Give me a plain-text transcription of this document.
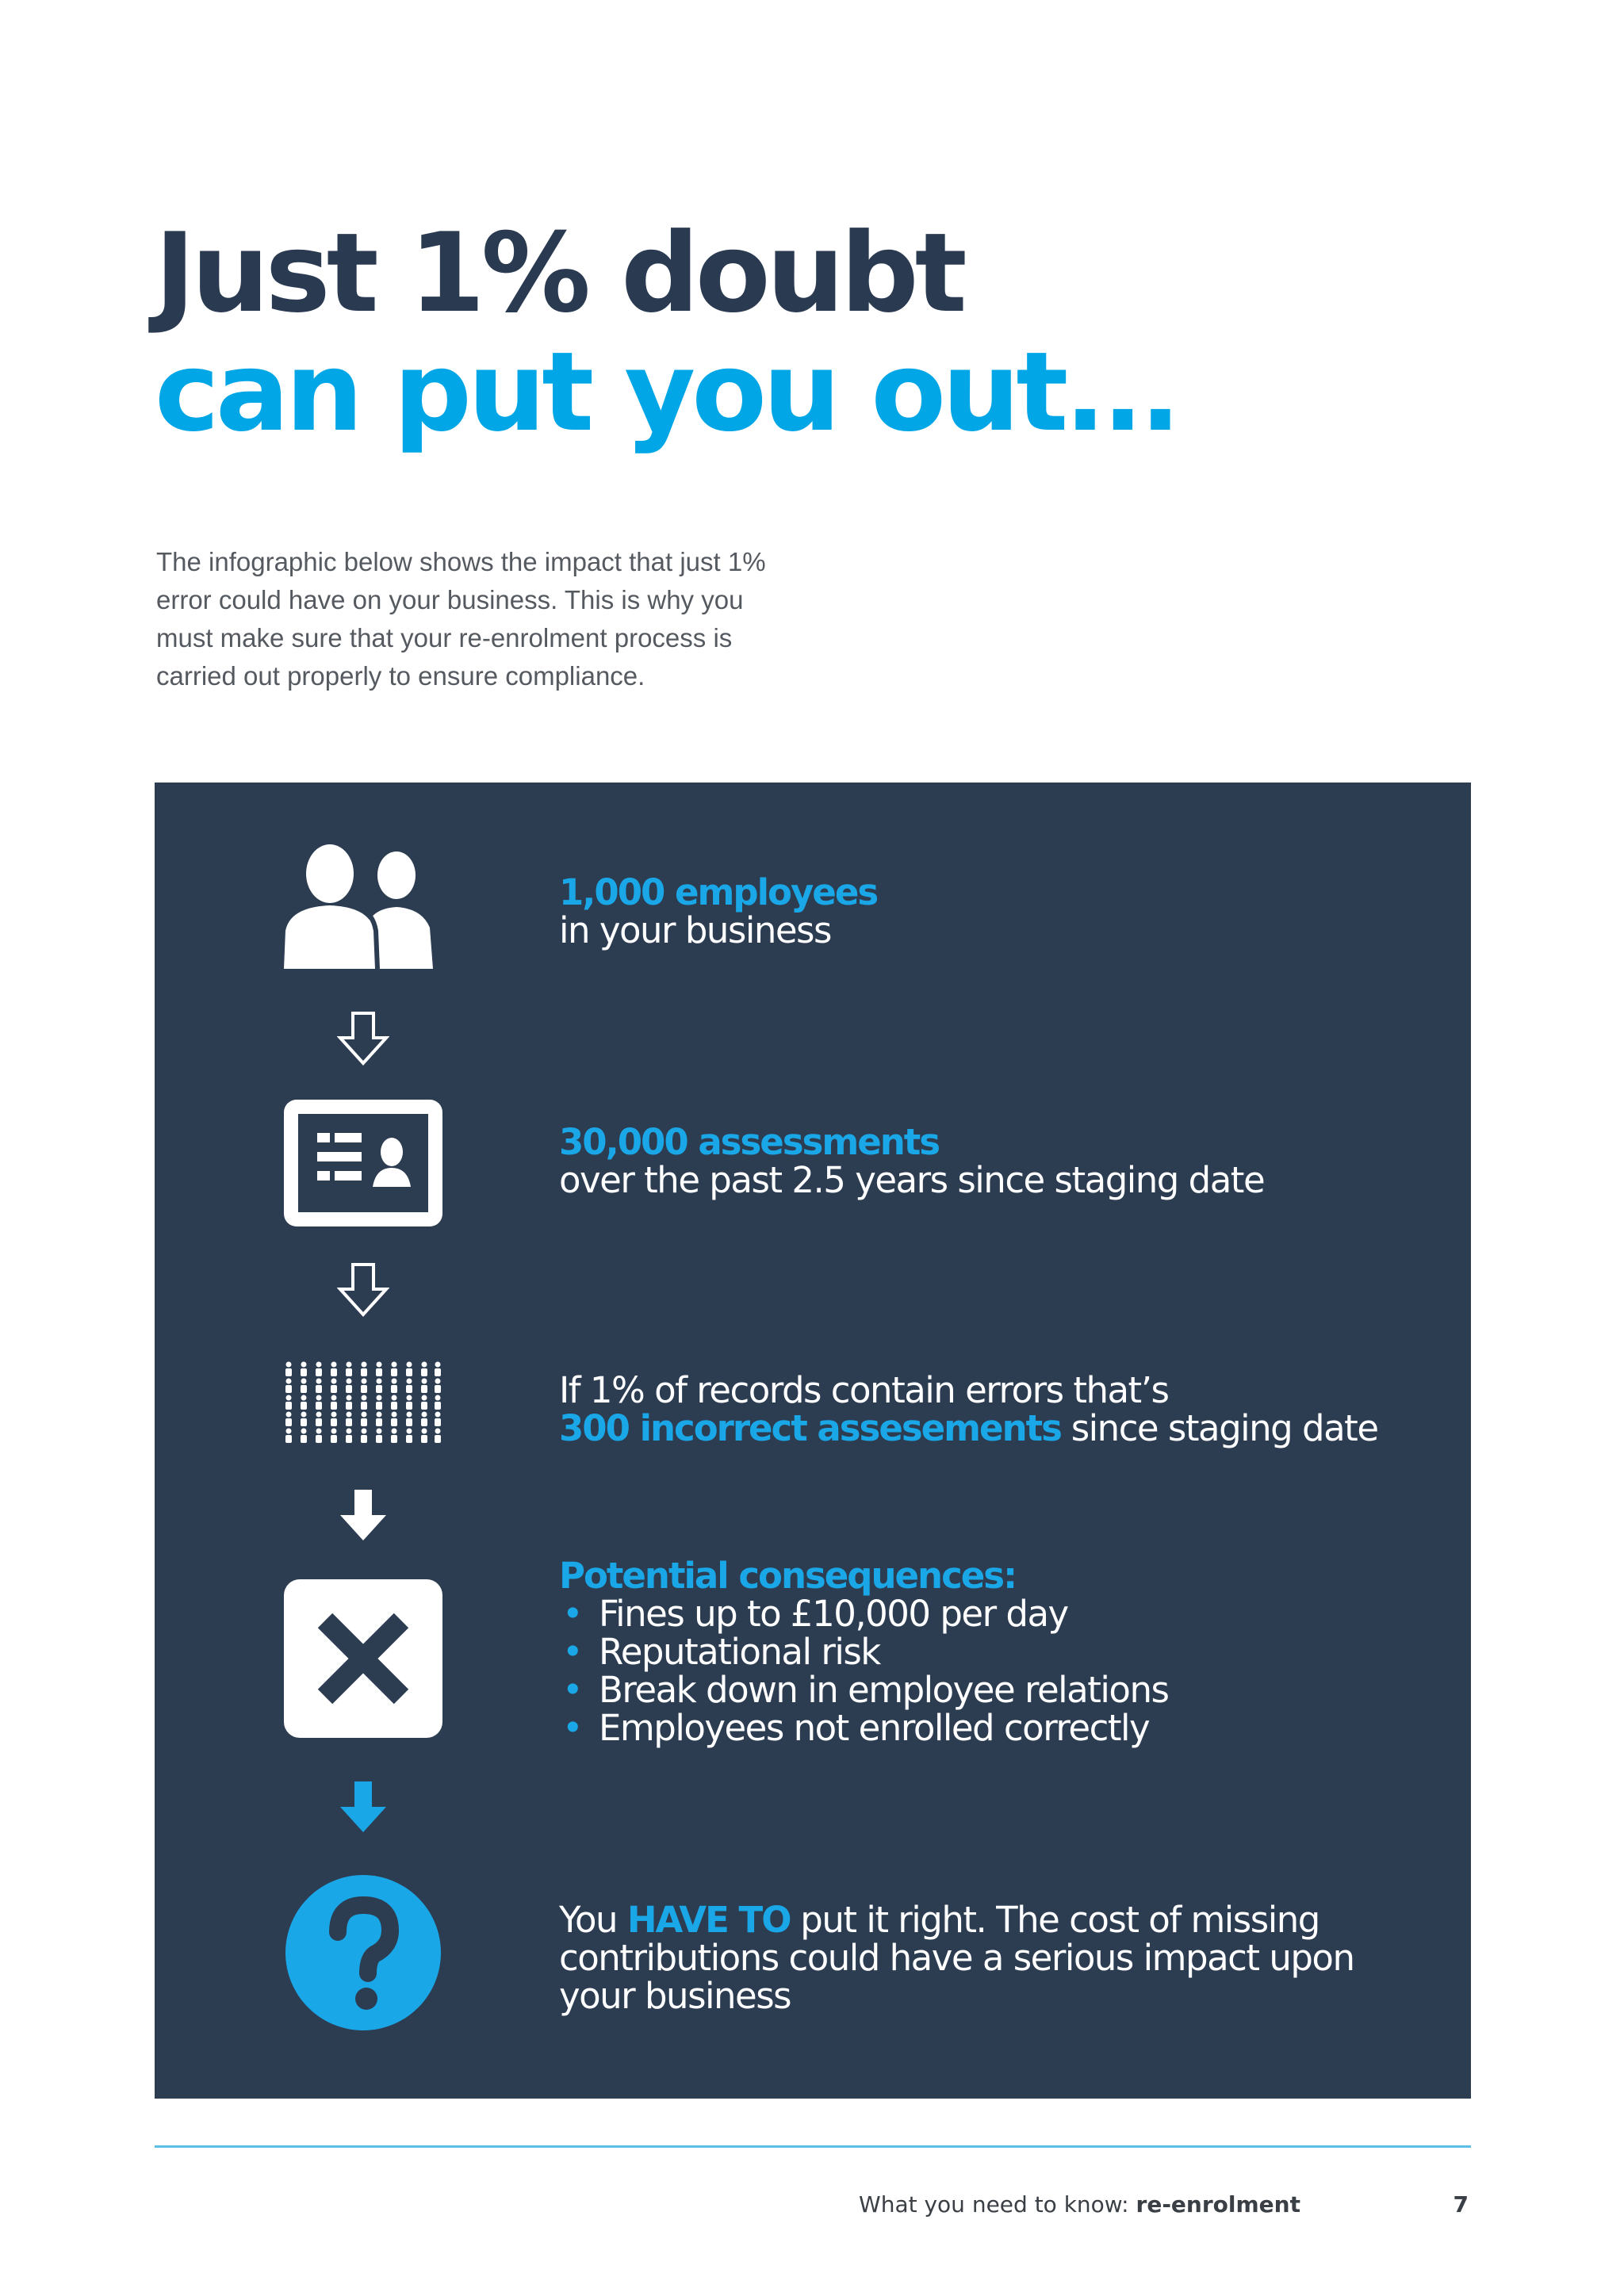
Just 1% doubt
can put you out...

The infographic below shows the impact that just 1% error could have on your business. This is why you must make sure that your re-enrolment process is carried out properly to ensure compliance.

1,000 employees
in your business
30,000 assessments
over the past 2.5 years since staging date
If 1% of records contain errors that’s
300 incorrect assesements since staging date
Potential consequences:
• Fines up to £10,000 per day
• Reputational risk
• Break down in employee relations
• Employees not enrolled correctly
You HAVE TO put it right. The cost of missing contributions could have a serious impact upon your business
What you need to know: re-enrolment	7
